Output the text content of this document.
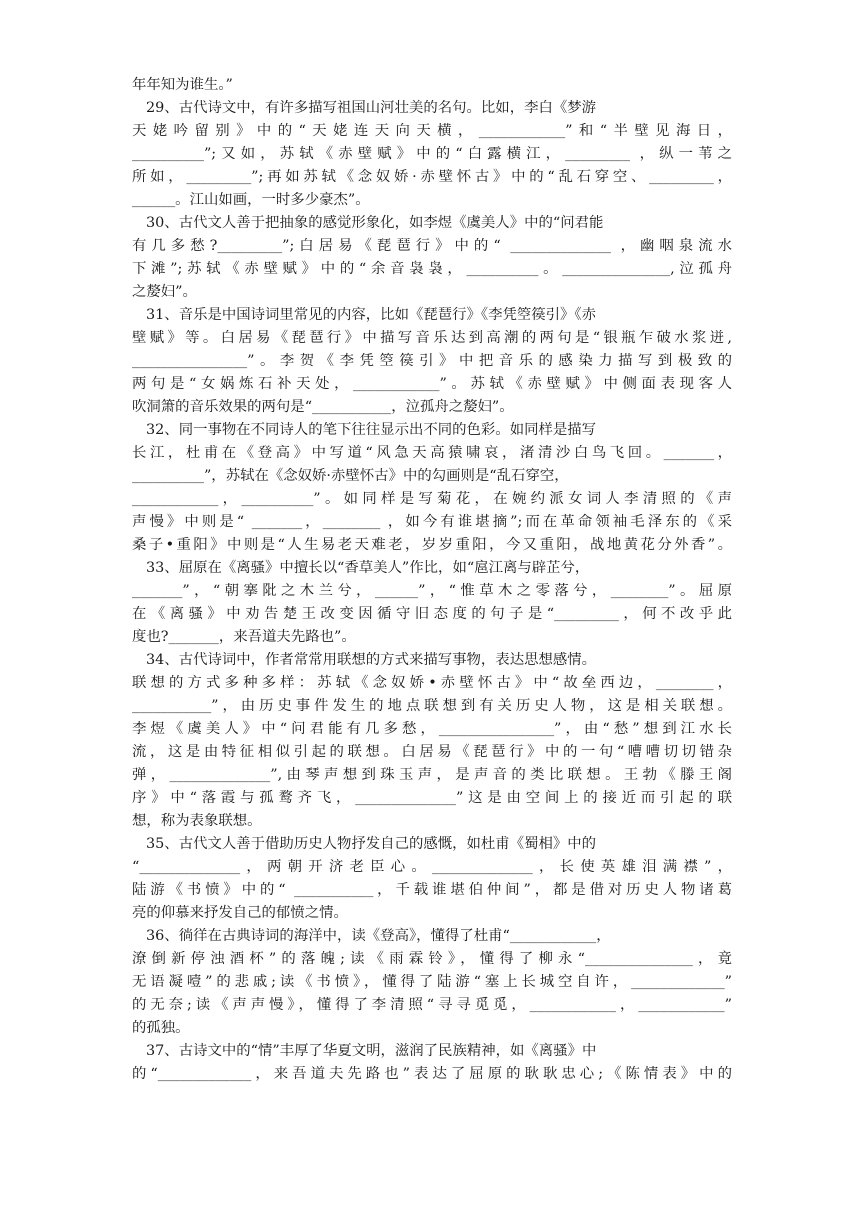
年年知为谁生。”
29、古代诗文中，有许多描写祖国山河壮美的名句。比如，李白《梦游
天姥吟留别》中的“天姥连天向天横，____________”和“半壁见海日，
__________”;又如，苏轼《赤壁赋》中的“白露横江，_________ ，纵一苇之
所如，_________”;再如苏轼《念奴娇·赤壁怀古》中的“乱石穿空、_________，
______。江山如画，一时多少豪杰”。
30、古代文人善于把抽象的感觉形象化，如李煜《虞美人》中的“问君能
有几多愁?_________”;白居易《琵琶行》中的“ ______________ ，幽咽泉流水
下滩”;苏轼《赤壁赋》中的“余音袅袅，__________。_______________,泣孤舟
之嫠妇”。
31、音乐是中国诗词里常见的内容，比如《琵琶行》《李凭箜篌引》《赤
壁赋》等。白居易《琵琶行》中描写音乐达到高潮的两句是“银瓶乍破水浆迸,
________________”。李贺《李凭箜篌引》中把音乐的感染力描写到极致的
两句是“女娲炼石补天处，____________”。苏轼《赤壁赋》中侧面表现客人
吹洞箫的音乐效果的两句是“___________，泣孤舟之嫠妇”。
32、同一事物在不同诗人的笔下往往显示出不同的色彩。如同样是描写
长江，杜甫在《登高》中写道“风急天高猿啸哀，渚清沙白鸟飞回。_______，
__________”，苏轼在《念奴娇·赤壁怀古》中的勾画则是“乱石穿空，
____________，__________”。如同样是写菊花，在婉约派女词人李清照的《声
声慢》中则是“ _______，________ ，如今有谁堪摘”;而在革命领袖毛泽东的《采
桑子•重阳》中则是“人生易老天难老，岁岁重阳，今又重阳，战地黄花分外香”。
33、屈原在《离骚》中擅长以“香草美人”作比，如“扈江离与辟芷兮，
_______”，“朝搴阰之木兰兮，______”，“惟草木之零落兮，________”。屈原
在《离骚》中劝告楚王改变因循守旧态度的句子是“_________，何不改乎此
度也?_______，来吾道夫先路也”。
34、古代诗词中，作者常常用联想的方式来描写事物，表达思想感情。
联想的方式多种多样：苏轼《念奴娇•赤壁怀古》中“故垒西边，________，
___________”，由历史事件发生的地点联想到有关历史人物，这是相关联想。
李煜《虞美人》中“问君能有几多愁，________________”，由“愁”想到江水长
流，这是由特征相似引起的联想。白居易《琵琶行》中的一句“嘈嘈切切错杂
弹，______________”,由琴声想到珠玉声，是声音的类比联想。王勃《滕王阁
序》中“落霞与孤鹜齐飞，______________”这是由空间上的接近而引起的联
想，称为表象联想。
35、古代文人善于借助历史人物抒发自己的感慨，如杜甫《蜀相》中的
“______________，两朝开济老臣心。______________，长使英雄泪满襟”，
陆游《书愤》中的“ ___________，千载谁堪伯仲间”，都是借对历史人物诸葛
亮的仰慕来抒发自己的郁愤之情。
36、徜徉在古典诗词的海洋中，读《登高》，懂得了杜甫“____________，
潦倒新停浊酒杯”的落魄;读《雨霖铃》，懂得了柳永“_______________，竟
无语凝噎”的悲戚;读《书愤》，懂得了陆游“塞上长城空自许，_____________”
的无奈;读《声声慢》，懂得了李清照“寻寻觅觅，____________，____________”
的孤独。
37、古诗文中的“情”丰厚了华夏文明，滋润了民族精神，如《离骚》中
的“_____________，来吾道夫先路也”表达了屈原的耿耿忠心;《陈情表》中的
